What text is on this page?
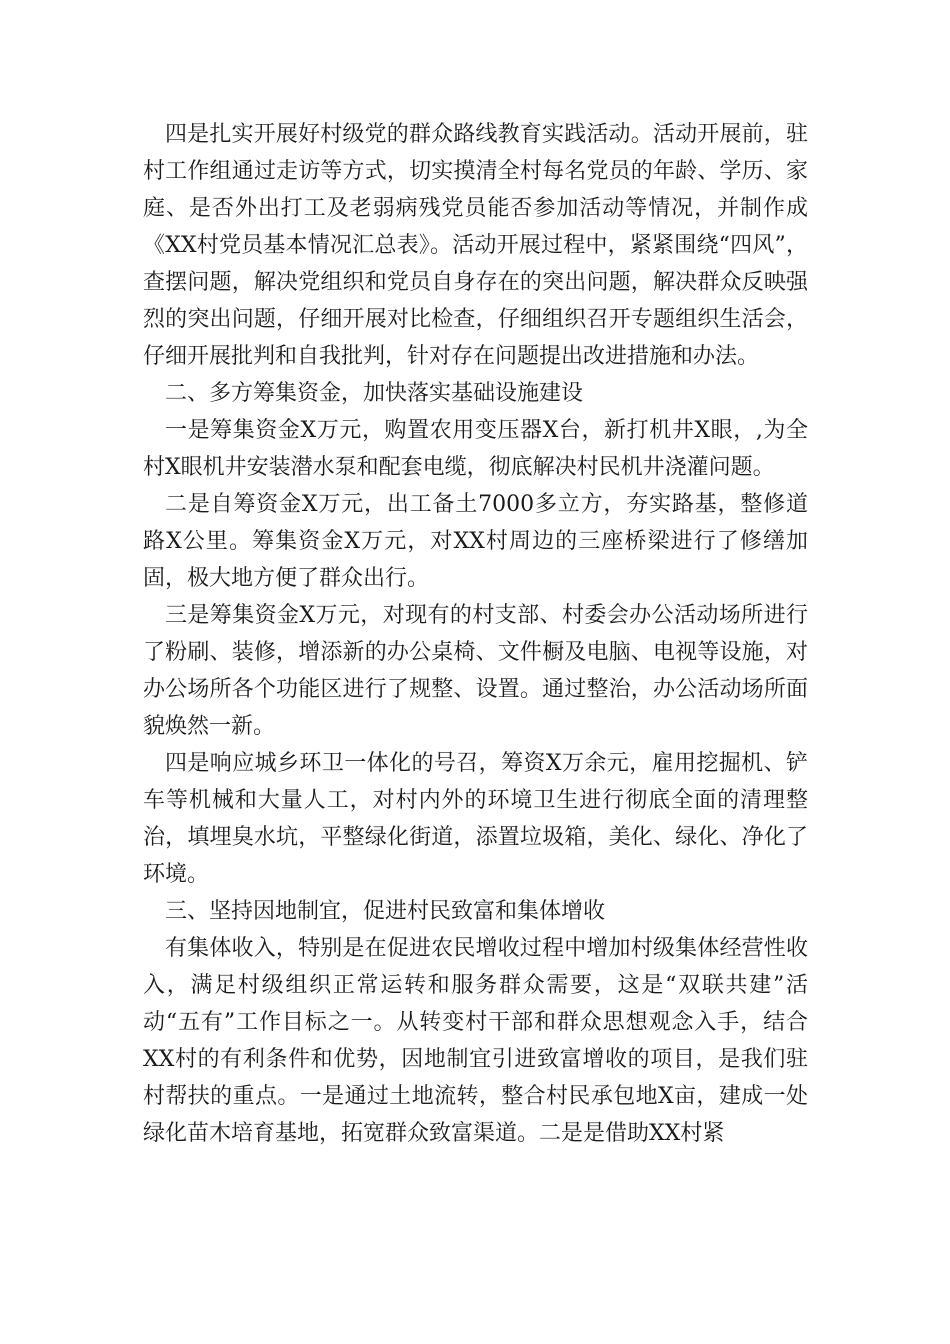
四是扎实开展好村级党的群众路线教育实践活动。活动开展前，驻村工作组通过走访等方式，切实摸清全村每名党员的年龄、学历、家庭、是否外出打工及老弱病残党员能否参加活动等情况，并制作成《XX村党员基本情况汇总表》。活动开展过程中，紧紧围绕“四风”，查摆问题，解决党组织和党员自身存在的突出问题，解决群众反映强烈的突出问题，仔细开展对比检查，仔细组织召开专题组织生活会，仔细开展批判和自我批判，针对存在问题提出改进措施和办法。

二、多方筹集资金，加快落实基础设施建设

一是筹集资金X万元，购置农用变压器X台，新打机井X眼，,为全村X眼机井安装潜水泵和配套电缆，彻底解决村民机井浇灌问题。

二是自筹资金X万元，出工备土7000多立方，夯实路基，整修道路X公里。筹集资金X万元，对XX村周边的三座桥梁进行了修缮加固，极大地方便了群众出行。

三是筹集资金X万元，对现有的村支部、村委会办公活动场所进行了粉刷、装修，增添新的办公桌椅、文件橱及电脑、电视等设施，对办公场所各个功能区进行了规整、设置。通过整治，办公活动场所面貌焕然一新。

四是响应城乡环卫一体化的号召，筹资X万余元，雇用挖掘机、铲车等机械和大量人工，对村内外的环境卫生进行彻底全面的清理整治，填埋臭水坑，平整绿化街道，添置垃圾箱，美化、绿化、净化了环境。

三、坚持因地制宜，促进村民致富和集体增收

有集体收入，特别是在促进农民增收过程中增加村级集体经营性收入，满足村级组织正常运转和服务群众需要，这是“双联共建”活动“五有”工作目标之一。从转变村干部和群众思想观念入手，结合XX村的有利条件和优势，因地制宜引进致富增收的项目，是我们驻村帮扶的重点。一是通过土地流转，整合村民承包地X亩，建成一处绿化苗木培育基地，拓宽群众致富渠道。二是是借助XX村紧
